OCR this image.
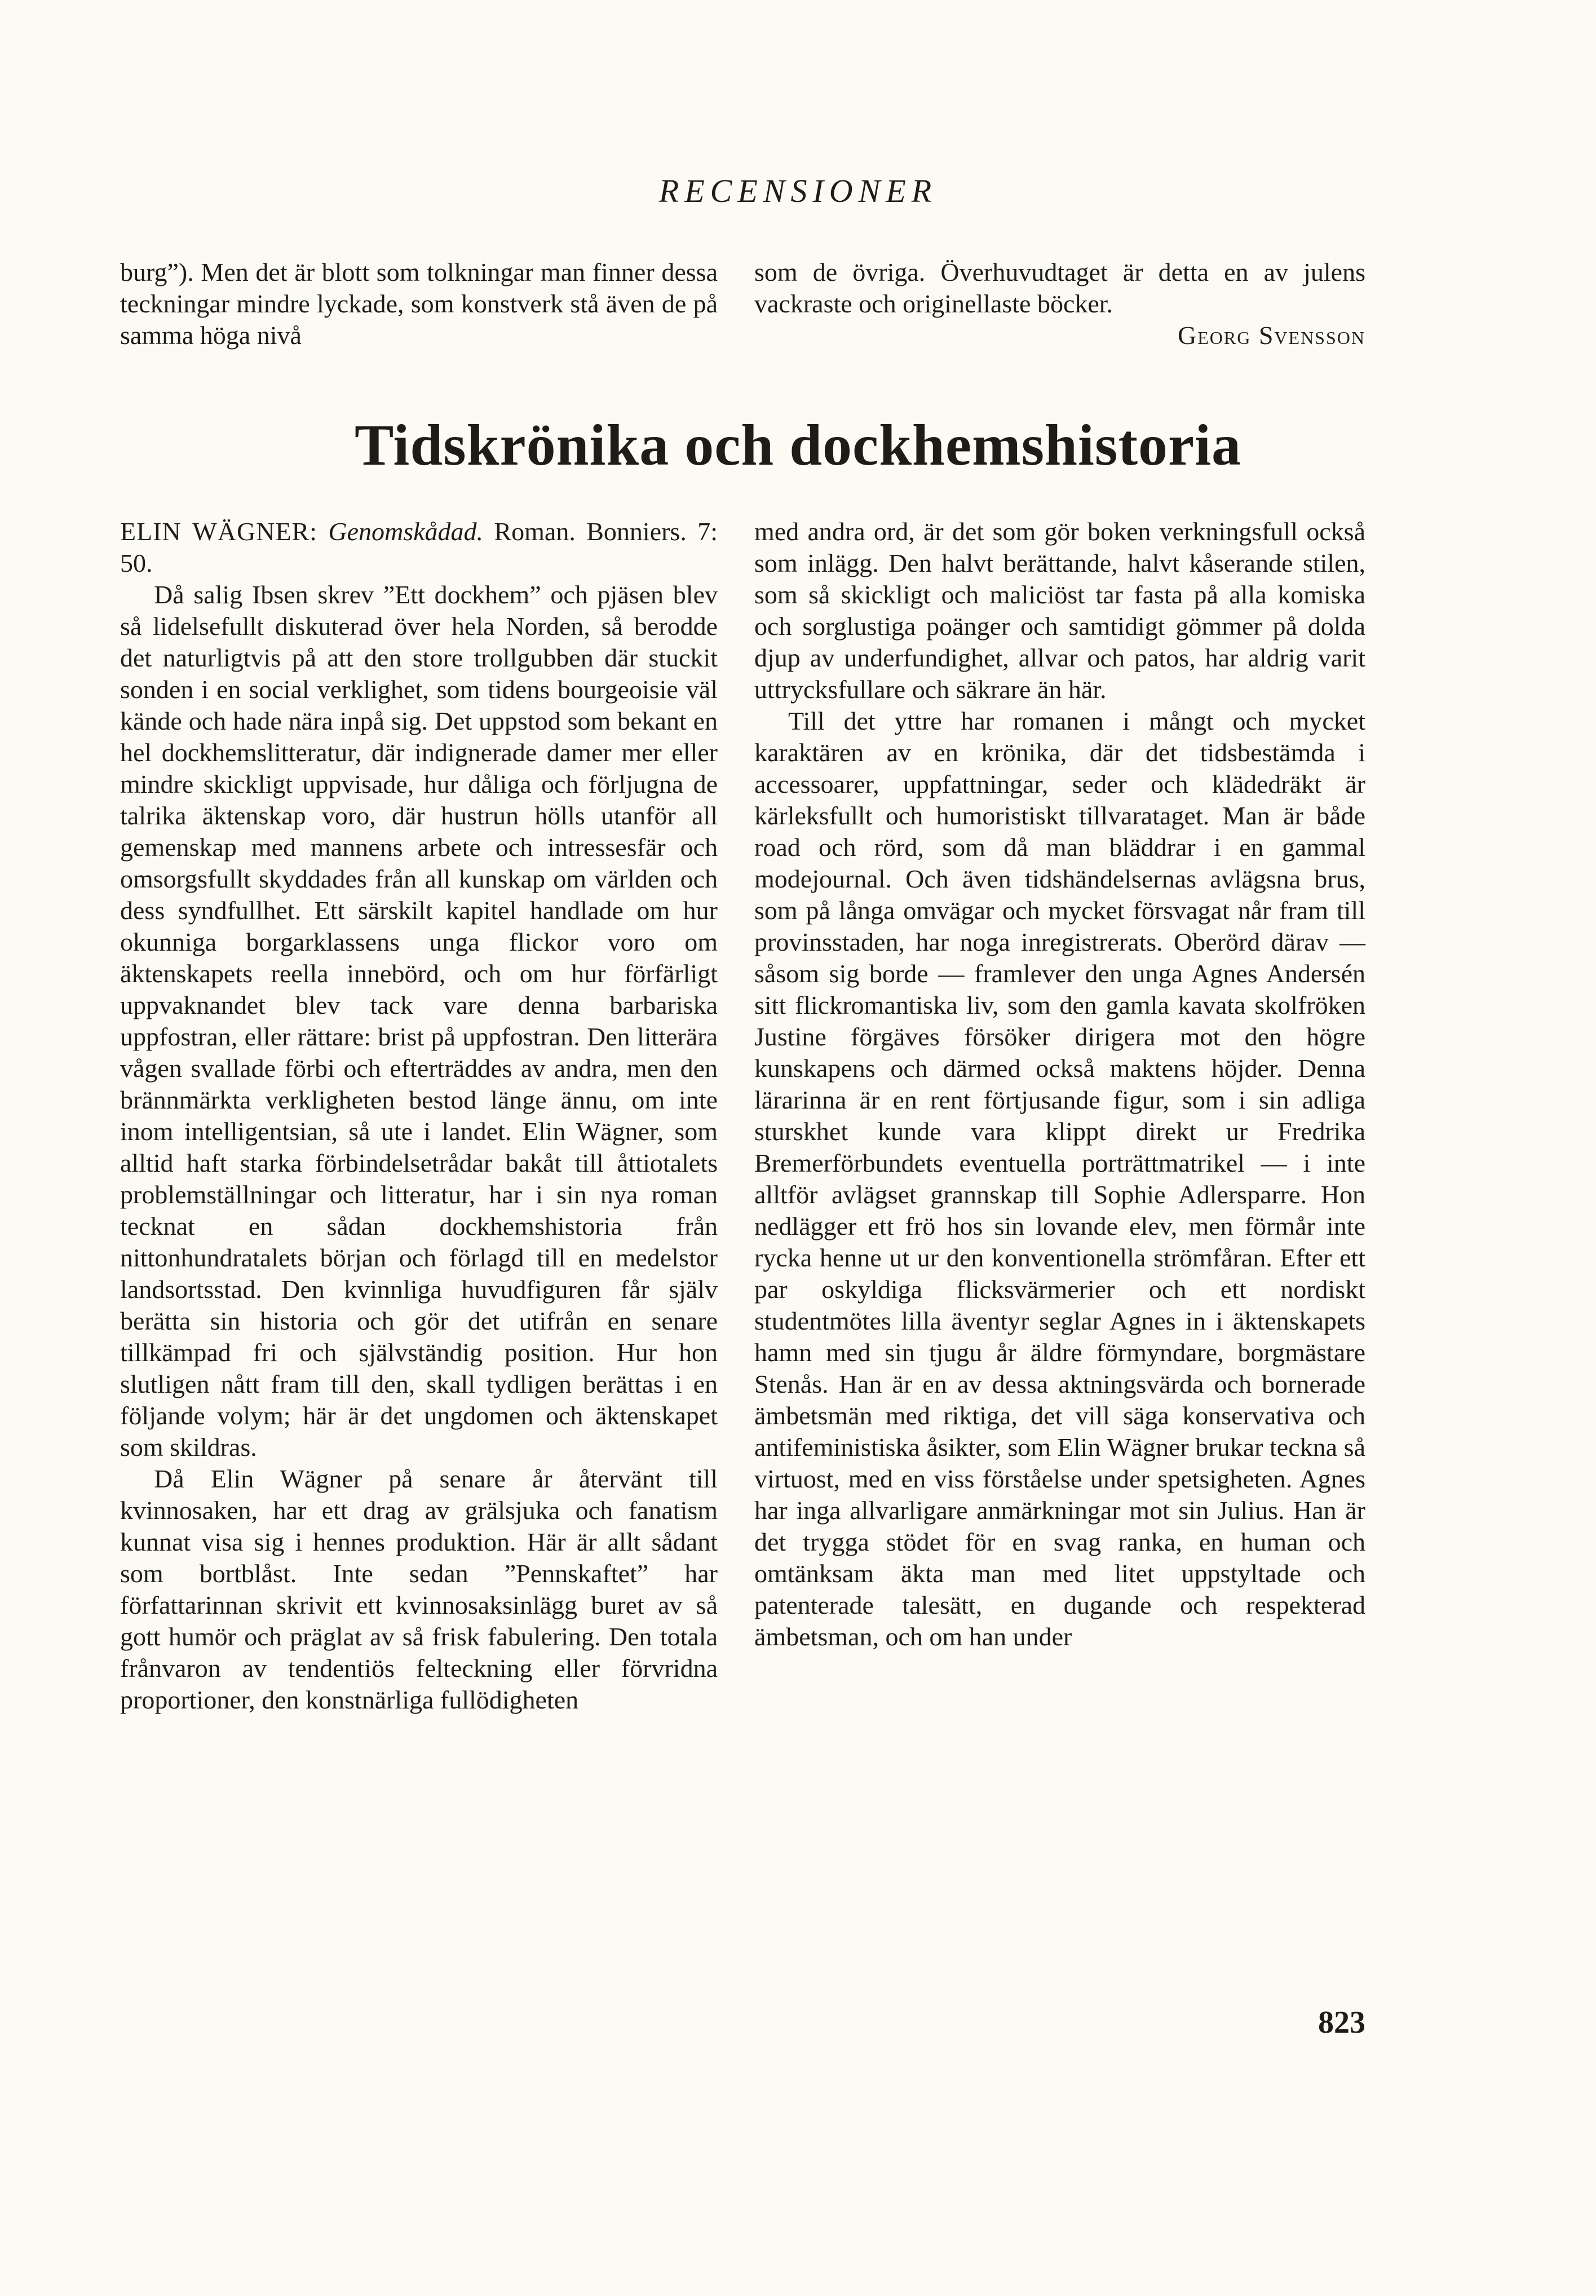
RECENSIONER

burg”). Men det är blott som tolkningar man finner dessa teckningar mindre lyckade, som konstverk stå även de på samma höga nivå

som de övriga. Överhuvudtaget är detta en av julens vackraste och originellaste böcker.

Georg Svensson

Tidskrönika och dockhemshistoria

ELIN WÄGNER: Genomskådad. Roman. Bonniers. 7: 50.

Då salig Ibsen skrev ”Ett dockhem” och pjäsen blev så lidelsefullt diskuterad över hela Norden, så berodde det naturligtvis på att den store trollgubben där stuckit sonden i en social verklighet, som tidens bourgeoisie väl kände och hade nära inpå sig. Det uppstod som bekant en hel dockhemslitteratur, där indignerade damer mer eller mindre skickligt uppvisade, hur dåliga och förljugna de talrika äktenskap voro, där hustrun hölls utanför all gemenskap med mannens arbete och intressesfär och omsorgsfullt skyddades från all kunskap om världen och dess syndfullhet. Ett särskilt kapitel handlade om hur okunniga borgarklassens unga flickor voro om äktenskapets reella innebörd, och om hur förfärligt uppvaknandet blev tack vare denna barbariska uppfostran, eller rättare: brist på uppfostran. Den litterära vågen svallade förbi och efterträddes av andra, men den brännmärkta verkligheten bestod länge ännu, om inte inom intelligentsian, så ute i landet. Elin Wägner, som alltid haft starka förbindelsetrådar bakåt till åttiotalets problemställningar och litteratur, har i sin nya roman tecknat en sådan dockhemshistoria från nittonhundratalets början och förlagd till en medelstor landsortsstad. Den kvinnliga huvudfiguren får själv berätta sin historia och gör det utifrån en senare tillkämpad fri och självständig position. Hur hon slutligen nått fram till den, skall tydligen berättas i en följande volym; här är det ungdomen och äktenskapet som skildras.

Då Elin Wägner på senare år återvänt till kvinnosaken, har ett drag av grälsjuka och fanatism kunnat visa sig i hennes produktion. Här är allt sådant som bortblåst. Inte sedan ”Pennskaftet” har författarinnan skrivit ett kvinnosaksinlägg buret av så gott humör och präglat av så frisk fabulering. Den totala frånvaron av tendentiös felteckning eller förvridna proportioner, den konstnärliga fullödigheten

med andra ord, är det som gör boken verkningsfull också som inlägg. Den halvt berättande, halvt kåserande stilen, som så skickligt och maliciöst tar fasta på alla komiska och sorglustiga poänger och samtidigt gömmer på dolda djup av underfundighet, allvar och patos, har aldrig varit uttrycksfullare och säkrare än här.

Till det yttre har romanen i mångt och mycket karaktären av en krönika, där det tidsbestämda i accessoarer, uppfattningar, seder och klädedräkt är kärleksfullt och humoristiskt tillvarataget. Man är både road och rörd, som då man bläddrar i en gammal modejournal. Och även tidshändelsernas avlägsna brus, som på långa omvägar och mycket försvagat når fram till provinsstaden, har noga inregistrerats. Oberörd därav — såsom sig borde — framlever den unga Agnes Andersén sitt flickromantiska liv, som den gamla kavata skolfröken Justine förgäves försöker dirigera mot den högre kunskapens och därmed också maktens höjder. Denna lärarinna är en rent förtjusande figur, som i sin adliga sturskhet kunde vara klippt direkt ur Fredrika Bremerförbundets eventuella porträttmatrikel — i inte alltför avlägset grannskap till Sophie Adlersparre. Hon nedlägger ett frö hos sin lovande elev, men förmår inte rycka henne ut ur den konventionella strömfåran. Efter ett par oskyldiga flicksvärmerier och ett nordiskt studentmötes lilla äventyr seglar Agnes in i äktenskapets hamn med sin tjugu år äldre förmyndare, borgmästare Stenås. Han är en av dessa aktningsvärda och bornerade ämbetsmän med riktiga, det vill säga konservativa och antifeministiska åsikter, som Elin Wägner brukar teckna så virtuost, med en viss förståelse under spetsigheten. Agnes har inga allvarligare anmärkningar mot sin Julius. Han är det trygga stödet för en svag ranka, en human och omtänksam äkta man med litet uppstyltade och patenterade talesätt, en dugande och respekterad ämbetsman, och om han under

823
